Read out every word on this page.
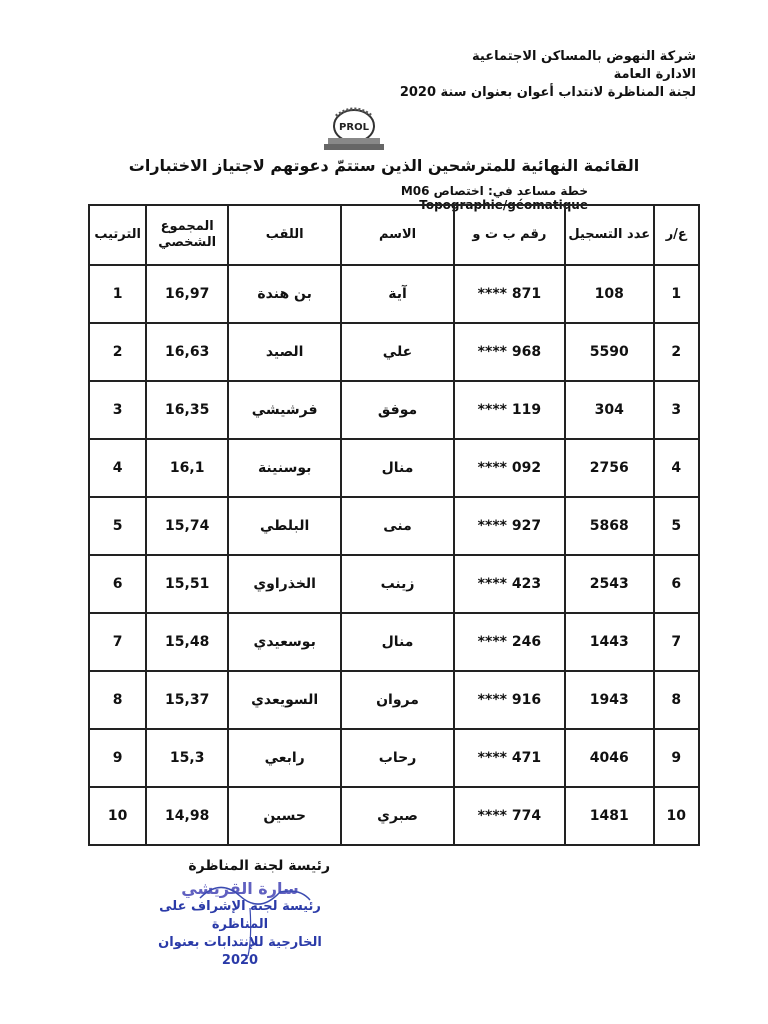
شركة النهوض بالمساكن الاجتماعية
الادارة العامة
لجنة المناظرة لانتداب أعوان بعنوان سنة 2020
PROL
القائمة النهائية للمترشحين الذين ستتمّ دعوتهم لاجتياز الاختبارات
خطة مساعد في: اختصاص M06 Topographie/géomatique
ع/ر	عدد التسجيل	رقم ب ت و	الاسم	اللقب	المجموع الشخصي	الترتيب
1	108	**** 871	آية	بن هندة	16,97	1
2	5590	**** 968	علي	الصيد	16,63	2
3	304	**** 119	موفق	فرشيشي	16,35	3
4	2756	**** 092	منال	بوسنينة	16,1	4
5	5868	**** 927	منى	البلطي	15,74	5
6	2543	**** 423	زينب	الخذراوي	15,51	6
7	1443	**** 246	منال	بوسعيدي	15,48	7
8	1943	**** 916	مروان	السويعدي	15,37	8
9	4046	**** 471	رحاب	رابعي	15,3	9
10	1481	**** 774	صبري	حسين	14,98	10
رئيسة لجنة المناظرة
سارة القريشي
رئيسة لجنة الإشراف على المناظرة
الخارجية للإنتدابات بعنوان 2020
